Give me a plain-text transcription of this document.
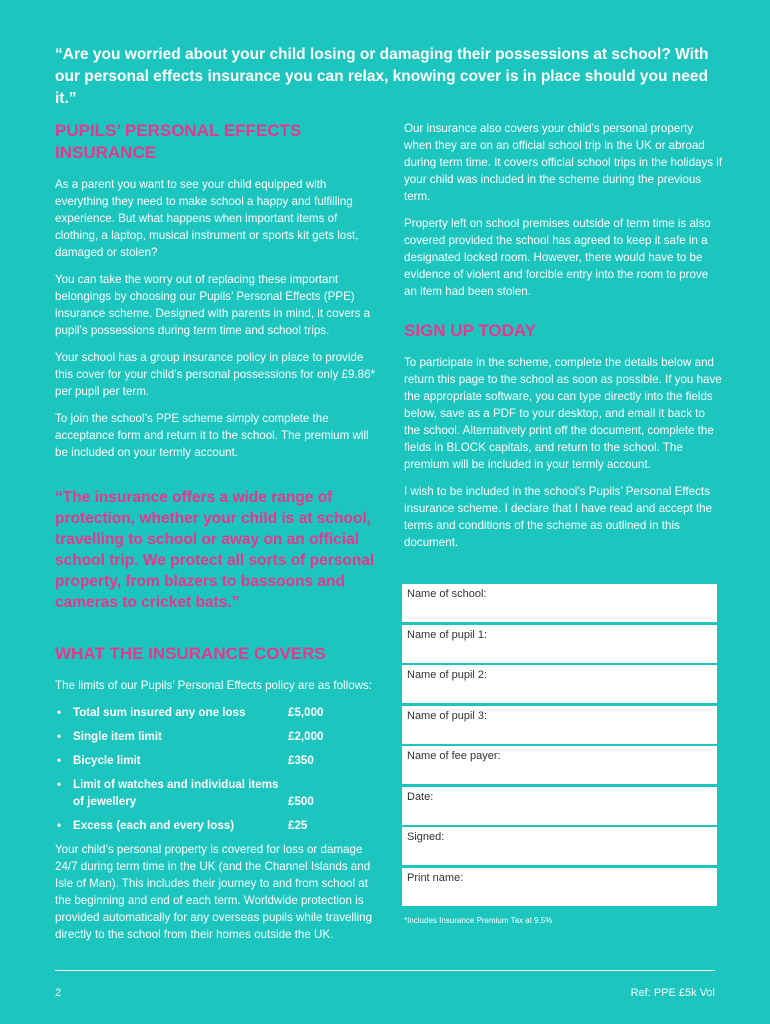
“Are you worried about your child losing or damaging their possessions at school? With our personal effects insurance you can relax, knowing cover is in place should you need it.”

PUPILS’ PERSONAL EFFECTS INSURANCE

As a parent you want to see your child equipped with everything they need to make school a happy and fulfilling experience. But what happens when important items of clothing, a laptop, musical instrument or sports kit gets lost, damaged or stolen?

You can take the worry out of replacing these important belongings by choosing our Pupils’ Personal Effects (PPE) insurance scheme. Designed with parents in mind, it covers a pupil’s possessions during term time and school trips.

Your school has a group insurance policy in place to provide this cover for your child’s personal possessions for only £9.86* per pupil per term.

To join the school’s PPE scheme simply complete the acceptance form and return it to the school. The premium will be included on your termly account.

“The insurance offers a wide range of protection, whether your child is at school, travelling to school or away on an official school trip. We protect all sorts of personal property, from blazers to bassoons and cameras to cricket bats.”
WHAT THE INSURANCE COVERS

The limits of our Pupils’ Personal Effects policy are as follows:

• Total sum insured any one loss	£5,000
• Single item limit	£2,000
• Bicycle limit	£350
• Limit of watches and individual items of jewellery	£500
• Excess (each and every loss)	£25

Your child’s personal property is covered for loss or damage 24/7 during term time in the UK (and the Channel Islands and Isle of Man). This includes their journey to and from school at the beginning and end of each term. Worldwide protection is provided automatically for any overseas pupils while travelling directly to the school from their homes outside the UK.

Our insurance also covers your child’s personal property when they are on an official school trip in the UK or abroad during term time. It covers official school trips in the holidays if your child was included in the scheme during the previous term.

Property left on school premises outside of term time is also covered provided the school has agreed to keep it safe in a designated locked room. However, there would have to be evidence of violent and forcible entry into the room to prove an item had been stolen.

SIGN UP TODAY

To participate in the scheme, complete the details below and return this page to the school as soon as possible. If you have the appropriate software, you can type directly into the fields below, save as a PDF to your desktop, and email it back to the school. Alternatively print off the document, complete the fields in BLOCK capitals, and return to the school. The premium will be included in your termly account.

I wish to be included in the school’s Pupils’ Personal Effects insurance scheme. I declare that I have read and accept the terms and conditions of the scheme as outlined in this document.

Name of school:
Name of pupil 1:
Name of pupil 2:
Name of pupil 3:
Name of fee payer:
Date:
Signed:
Print name:
*Includes Insurance Premium Tax at 9.5%
2	Ref: PPE £5k Vol
